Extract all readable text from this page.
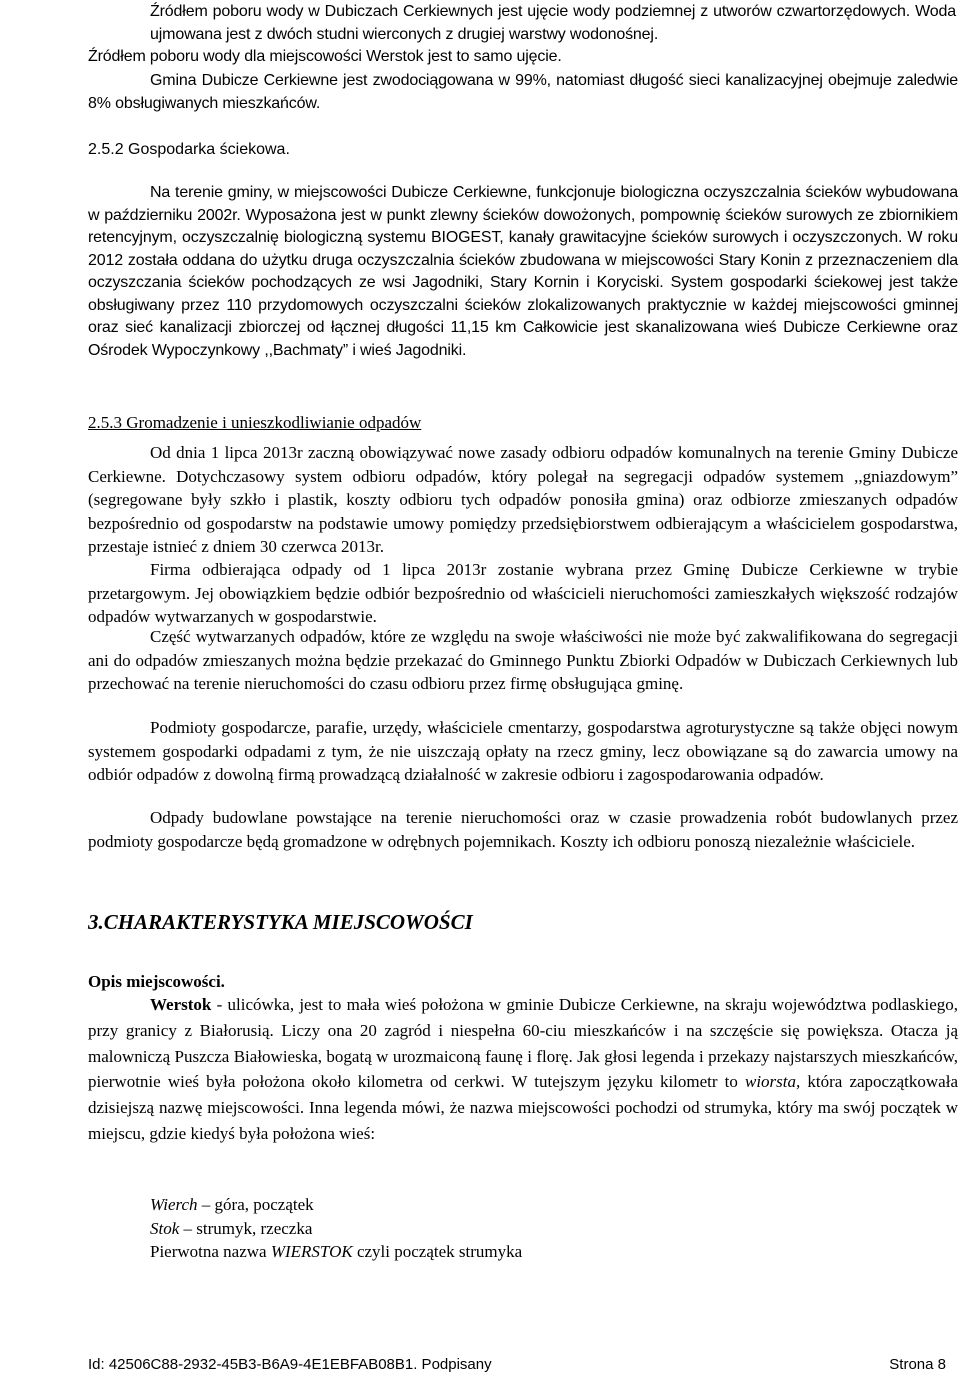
Źródłem poboru wody w Dubiczach Cerkiewnych jest ujęcie wody podziemnej z utworów czwartorzędowych. Woda ujmowana jest z dwóch studni wierconych z drugiej warstwy wodonośnej.

Źródłem poboru wody dla miejscowości Werstok jest to samo ujęcie.

Gmina Dubicze Cerkiewne jest zwodociągowana w 99%, natomiast długość sieci kanalizacyjnej obejmuje zaledwie 8% obsługiwanych mieszkańców.

2.5.2 Gospodarka ściekowa.

Na terenie gminy, w miejscowości Dubicze Cerkiewne, funkcjonuje biologiczna oczyszczalnia ścieków wybudowana w październiku 2002r. Wyposażona jest w punkt zlewny ścieków dowożonych, pompownię ścieków surowych ze zbiornikiem retencyjnym, oczyszczalnię biologiczną systemu BIOGEST, kanały grawitacyjne ścieków surowych i oczyszczonych. W roku 2012 została oddana do użytku druga oczyszczalnia ścieków zbudowana w miejscowości Stary Konin z przeznaczeniem dla oczyszczania ścieków pochodzących ze wsi Jagodniki, Stary Kornin i Koryciski. System gospodarki ściekowej jest także obsługiwany przez 110 przydomowych oczyszczalni ścieków zlokalizowanych praktycznie w każdej miejscowości gminnej oraz sieć kanalizacji zbiorczej od łącznej długości 11,15 km Całkowicie jest skanalizowana wieś Dubicze Cerkiewne oraz Ośrodek Wypoczynkowy ,,Bachmaty” i wieś Jagodniki.

2.5.3 Gromadzenie i unieszkodliwianie odpadów

Od dnia 1 lipca 2013r zaczną obowiązywać nowe zasady odbioru odpadów komunalnych na terenie Gminy Dubicze Cerkiewne. Dotychczasowy system odbioru odpadów, który polegał na segregacji odpadów systemem ,,gniazdowym” (segregowane były szkło i plastik, koszty odbioru tych odpadów ponosiła gmina) oraz odbiorze zmieszanych odpadów bezpośrednio od gospodarstw na podstawie umowy pomiędzy przedsiębiorstwem odbierającym a właścicielem gospodarstwa, przestaje istnieć z dniem 30 czerwca 2013r.

Firma odbierająca odpady od 1 lipca 2013r zostanie wybrana przez Gminę Dubicze Cerkiewne w trybie przetargowym. Jej obowiązkiem będzie odbiór bezpośrednio od właścicieli nieruchomości zamieszkałych większość rodzajów odpadów wytwarzanych w gospodarstwie.

Część wytwarzanych odpadów, które ze względu na swoje właściwości nie może być zakwalifikowana do segregacji ani do odpadów zmieszanych można będzie przekazać do Gminnego Punktu Zbiorki Odpadów w Dubiczach Cerkiewnych lub przechować na terenie nieruchomości do czasu odbioru przez firmę obsługująca gminę.

Podmioty gospodarcze, parafie, urzędy, właściciele cmentarzy, gospodarstwa agroturystyczne są także objęci nowym systemem gospodarki odpadami z tym, że nie uiszczają opłaty na rzecz gminy, lecz obowiązane są do zawarcia umowy na odbiór odpadów z dowolną firmą prowadzącą działalność w zakresie odbioru i zagospodarowania odpadów.

Odpady budowlane powstające na terenie nieruchomości oraz w czasie prowadzenia robót budowlanych przez podmioty gospodarcze będą gromadzone w odrębnych pojemnikach. Koszty ich odbioru ponoszą niezależnie właściciele.

3.CHARAKTERYSTYKA MIEJSCOWOŚCI
Opis miejscowości.

Werstok - ulicówka, jest to mała wieś położona w gminie Dubicze Cerkiewne, na skraju województwa podlaskiego, przy granicy z Białorusią. Liczy ona 20 zagród i niespełna 60-ciu mieszkańców i na szczęście się powiększa. Otacza ją malowniczą Puszcza Białowieska, bogatą w urozmaiconą faunę i florę. Jak głosi legenda i przekazy najstarszych mieszkańców, pierwotnie wieś była położona około kilometra od cerkwi. W tutejszym języku kilometr to wiorsta, która zapoczątkowała dzisiejszą nazwę miejscowości. Inna legenda mówi, że nazwa miejscowości pochodzi od strumyka, który ma swój początek w miejscu, gdzie kiedyś była położona wieś:

Wierch – góra, początek
Stok – strumyk, rzeczka
Pierwotna nazwa WIERSTOK czyli początek strumyka
Id: 42506C88-2932-45B3-B6A9-4E1EBFAB08B1. Podpisany	Strona 8
